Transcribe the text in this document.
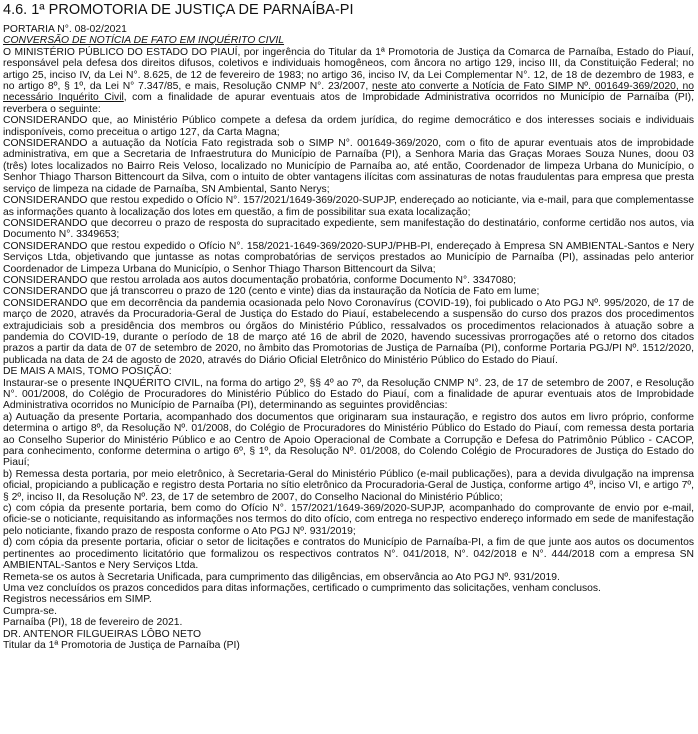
4.6. 1ª PROMOTORIA DE JUSTIÇA DE PARNAÍBA-PI

PORTARIA N°. 08-02/2021

CONVERSÃO DE NOTÍCIA DE FATO EM INQUÉRITO CIVIL

O MINISTÉRIO PÚBLICO DO ESTADO DO PIAUÍ, por ingerência do Titular da 1ª Promotoria de Justiça da Comarca de Parnaíba, Estado do Piauí, responsável pela defesa dos direitos difusos, coletivos e individuais homogêneos, com âncora no artigo 129, inciso III, da Constituição Federal; no artigo 25, inciso IV, da Lei N°. 8.625, de 12 de fevereiro de 1983; no artigo 36, inciso IV, da Lei Complementar N°. 12, de 18 de dezembro de 1983, e no artigo 8º, § 1º, da Lei N° 7.347/85, e mais, Resolução CNMP N°. 23/2007, neste ato converte a Notícia de Fato SIMP Nº. 001649-369/2020, no necessário Inquérito Civil, com a finalidade de apurar eventuais atos de Improbidade Administrativa ocorridos no Município de Parnaíba (PI), reverbera o seguinte:

CONSIDERANDO que, ao Ministério Público compete a defesa da ordem jurídica, do regime democrático e dos interesses sociais e individuais indisponíveis, como preceitua o artigo 127, da Carta Magna;

CONSIDERANDO a autuação da Notícia Fato registrada sob o SIMP N°. 001649-369/2020, com o fito de apurar eventuais atos de improbidade administrativa, em que a Secretaria de Infraestrutura do Município de Parnaíba (PI), a Senhora Maria das Graças Moraes Souza Nunes, doou 03 (três) lotes localizados no Bairro Reis Veloso, localizado no Município de Parnaíba ao, até então, Coordenador de limpeza Urbana do Município, o Senhor Thiago Tharson Bittencourt da Silva, com o intuito de obter vantagens ilícitas com assinaturas de notas fraudulentas para empresa que presta serviço de limpeza na cidade de Parnaíba, SN Ambiental, Santo Nerys;

CONSIDERANDO que restou expedido o Ofício N°. 157/2021/1649-369/2020-SUPJP, endereçado ao noticiante, via e-mail, para que complementasse as informações quanto à localização dos lotes em questão, a fim de possibilitar sua exata localização;

CONSIDERANDO que decorreu o prazo de resposta do supracitado expediente, sem manifestação do destinatário, conforme certidão nos autos, via Documento N°. 3349653;

CONSIDERANDO que restou expedido o Ofício N°. 158/2021-1649-369/2020-SUPJ/PHB-PI, endereçado à Empresa SN AMBIENTAL-Santos e Nery Serviços Ltda, objetivando que juntasse as notas comprobatórias de serviços prestados ao Município de Parnaíba (PI), assinadas pelo anterior Coordenador de Limpeza Urbana do Município, o Senhor Thiago Tharson Bittencourt da Silva;

CONSIDERANDO que restou arrolada aos autos documentação probatória, conforme Documento N°. 3347080;

CONSIDERANDO que já transcorreu o prazo de 120 (cento e vinte) dias da instauração da Notícia de Fato em lume;

CONSIDERANDO que em decorrência da pandemia ocasionada pelo Novo Coronavírus (COVID-19), foi publicado o Ato PGJ Nº. 995/2020, de 17 de março de 2020, através da Procuradoria-Geral de Justiça do Estado do Piauí, estabelecendo a suspensão do curso dos prazos dos procedimentos extrajudiciais sob a presidência dos membros ou órgãos do Ministério Público, ressalvados os procedimentos relacionados à atuação sobre a pandemia do COVID-19, durante o período de 18 de março até 16 de abril de 2020, havendo sucessivas prorrogações até o retorno dos citados prazos a partir da data de 07 de setembro de 2020, no âmbito das Promotorias de Justiça de Parnaíba (PI), conforme Portaria PGJ/PI Nº. 1512/2020, publicada na data de 24 de agosto de 2020, através do Diário Oficial Eletrônico do Ministério Público do Estado do Piauí.

DE MAIS A MAIS, TOMO POSIÇÃO:

Instaurar-se o presente INQUÉRITO CIVIL, na forma do artigo 2º, §§ 4º ao 7º, da Resolução CNMP N°. 23, de 17 de setembro de 2007, e Resolução N°. 001/2008, do Colégio de Procuradores do Ministério Público do Estado do Piauí, com a finalidade de apurar eventuais atos de Improbidade Administrativa ocorridos no Município de Parnaíba (PI), determinando as seguintes providências:

a) Autuação da presente Portaria, acompanhado dos documentos que originaram sua instauração, e registro dos autos em livro próprio, conforme determina o artigo 8º, da Resolução Nº. 01/2008, do Colégio de Procuradores do Ministério Público do Estado do Piauí, com remessa desta portaria ao Conselho Superior do Ministério Público e ao Centro de Apoio Operacional de Combate a Corrupção e Defesa do Patrimônio Público - CACOP, para conhecimento, conforme determina o artigo 6º, § 1º, da Resolução Nº. 01/2008, do Colendo Colégio de Procuradores de Justiça do Estado do Piauí;

b) Remessa desta portaria, por meio eletrônico, à Secretaria-Geral do Ministério Público (e-mail publicações), para a devida divulgação na imprensa oficial, propiciando a publicação e registro desta Portaria no sítio eletrônico da Procuradoria-Geral de Justiça, conforme artigo 4º, inciso VI, e artigo 7º, § 2º, inciso II, da Resolução Nº. 23, de 17 de setembro de 2007, do Conselho Nacional do Ministério Público;

c) com cópia da presente portaria, bem como do Ofício N°. 157/2021/1649-369/2020-SUPJP, acompanhado do comprovante de envio por e-mail, oficie-se o noticiante, requisitando as informações nos termos do dito ofício, com entrega no respectivo endereço informado em sede de manifestação pelo noticiante, fixando prazo de resposta conforme o Ato PGJ Nº. 931/2019;

d) com cópia da presente portaria, oficiar o setor de licitações e contratos do Município de Parnaíba-PI, a fim de que junte aos autos os documentos pertinentes ao procedimento licitatório que formalizou os respectivos contratos N°. 041/2018, N°. 042/2018 e N°. 444/2018 com a empresa SN AMBIENTAL-Santos e Nery Serviços Ltda.

Remeta-se os autos à Secretaria Unificada, para cumprimento das diligências, em observância ao Ato PGJ Nº. 931/2019.

Uma vez concluídos os prazos concedidos para ditas informações, certificado o cumprimento das solicitações, venham conclusos.

Registros necessários em SIMP.

Cumpra-se.

Parnaíba (PI), 18 de fevereiro de 2021.

DR. ANTENOR FILGUEIRAS LÔBO NETO

Titular da 1ª Promotoria de Justiça de Parnaíba (PI)
